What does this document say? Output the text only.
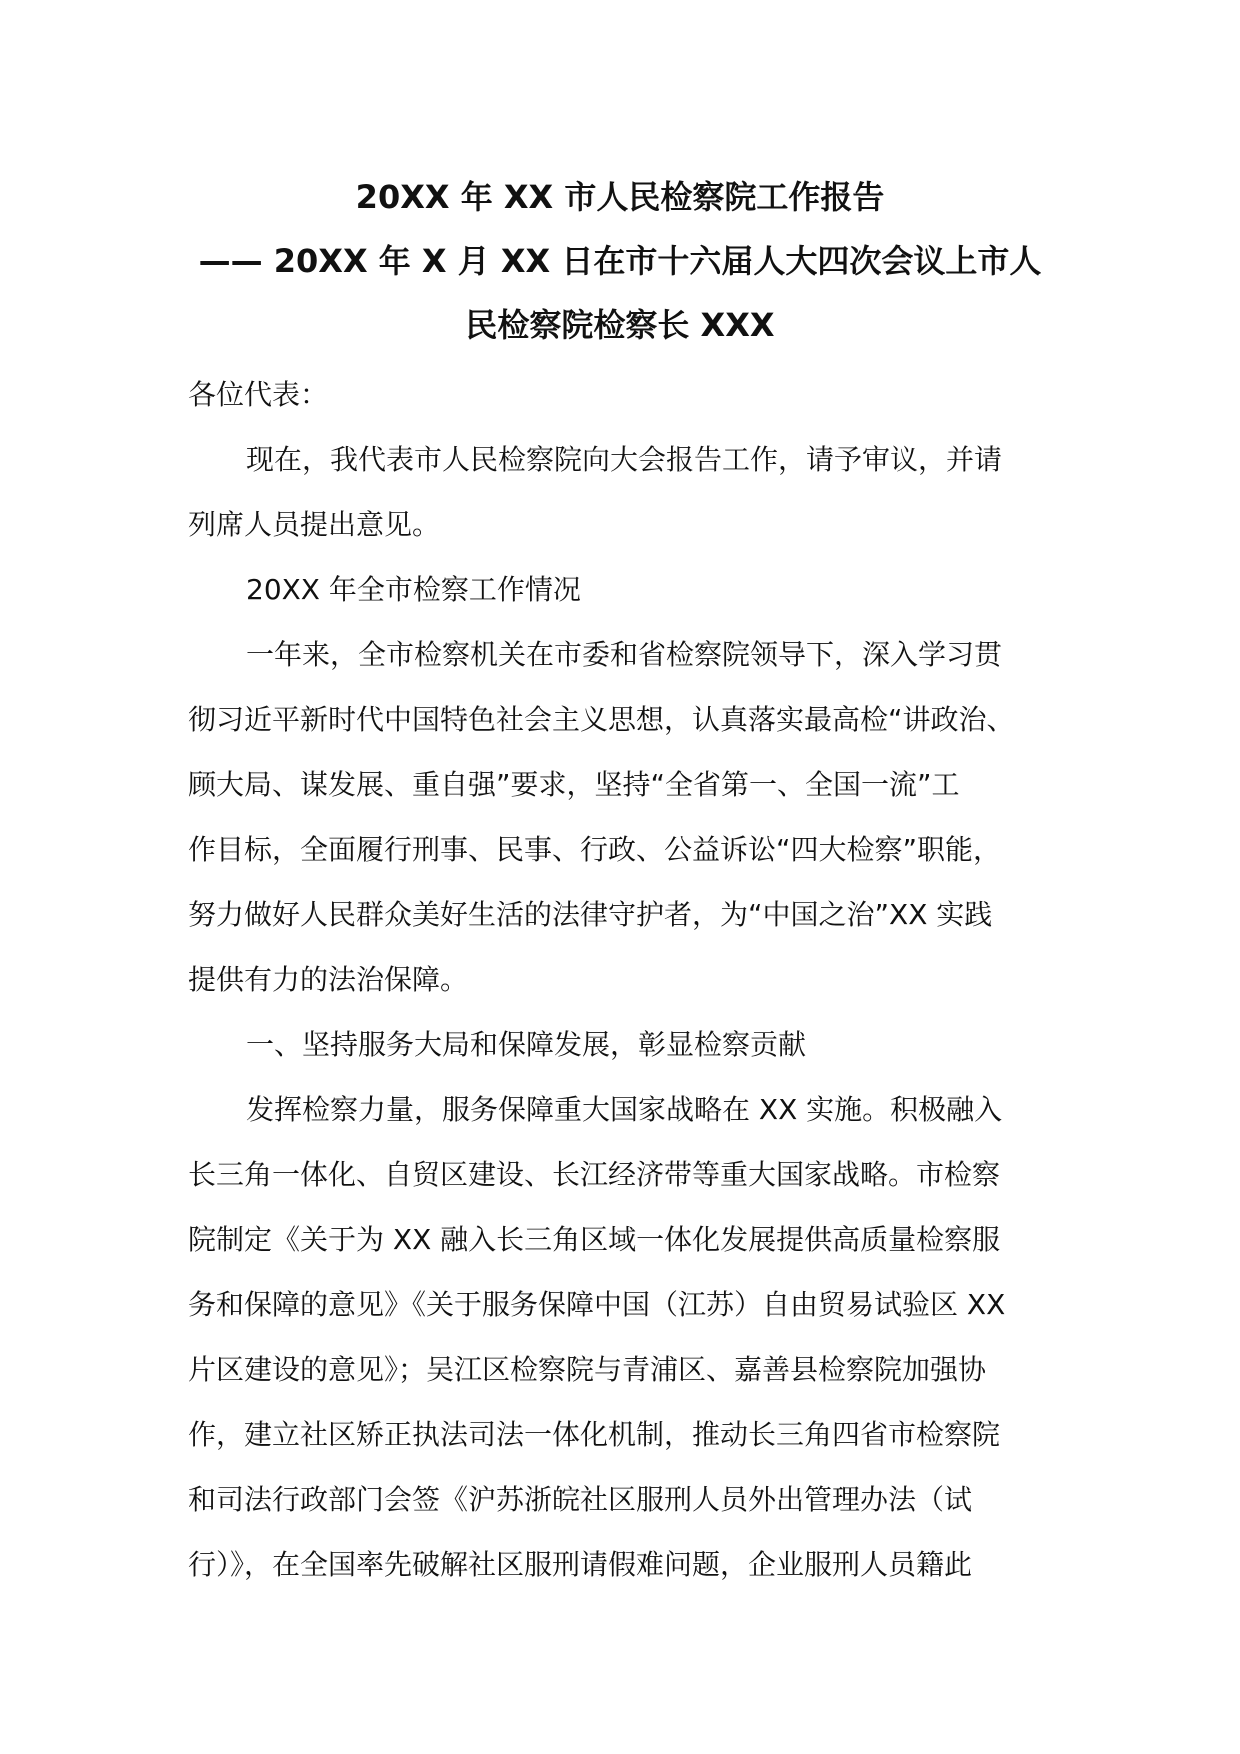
20XX 年 XX 市人民检察院工作报告
—— 20XX 年 X 月 XX 日在市十六届人大四次会议上市人
民检察院检察长 XXX
各位代表：
现在，我代表市人民检察院向大会报告工作，请予审议，并请
列席人员提出意见。
20XX 年全市检察工作情况
一年来，全市检察机关在市委和省检察院领导下，深入学习贯
彻习近平新时代中国特色社会主义思想，认真落实最高检“讲政治、
顾大局、谋发展、重自强”要求，坚持“全省第一、全国一流”工
作目标，全面履行刑事、民事、行政、公益诉讼“四大检察”职能，
努力做好人民群众美好生活的法律守护者，为“中国之治”XX 实践
提供有力的法治保障。
一、坚持服务大局和保障发展，彰显检察贡献
发挥检察力量，服务保障重大国家战略在 XX 实施。积极融入
长三角一体化、自贸区建设、长江经济带等重大国家战略。市检察
院制定《关于为 XX 融入长三角区域一体化发展提供高质量检察服
务和保障的意见》《关于服务保障中国（江苏）自由贸易试验区 XX
片区建设的意见》；吴江区检察院与青浦区、嘉善县检察院加强协
作，建立社区矫正执法司法一体化机制，推动长三角四省市检察院
和司法行政部门会签《沪苏浙皖社区服刑人员外出管理办法（试
行）》，在全国率先破解社区服刑请假难问题，企业服刑人员籍此
